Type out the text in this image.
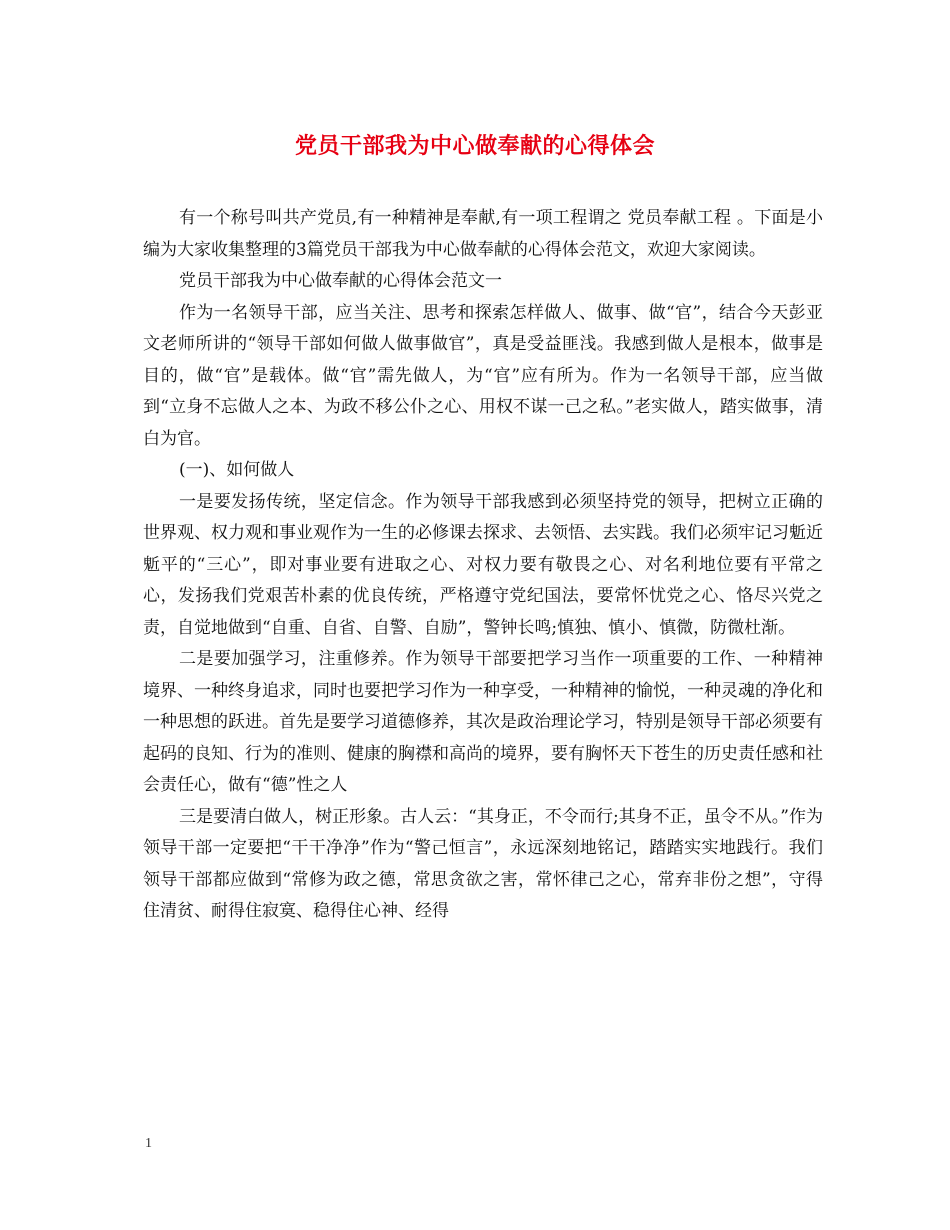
党员干部我为中心做奉献的心得体会

有一个称号叫共产党员,有一种精神是奉献,有一项工程谓之 党员奉献工程 。下面是小编为大家收集整理的3篇党员干部我为中心做奉献的心得体会范文，欢迎大家阅读。

党员干部我为中心做奉献的心得体会范文一

作为一名领导干部，应当关注、思考和探索怎样做人、做事、做“官”，结合今天彭亚文老师所讲的“领导干部如何做人做事做官”，真是受益匪浅。我感到做人是根本，做事是目的，做“官”是载体。做“官”需先做人，为“官”应有所为。作为一名领导干部，应当做到“立身不忘做人之本、为政不移公仆之心、用权不谋一己之私。”老实做人，踏实做事，清白为官。

(一)、如何做人

一是要发扬传统，坚定信念。作为领导干部我感到必须坚持党的领导，把树立正确的世界观、权力观和事业观作为一生的必修课去探求、去领悟、去实践。我们必须牢记习鬿近鬿平的“三心”，即对事业要有进取之心、对权力要有敬畏之心、对名利地位要有平常之心，发扬我们党艰苦朴素的优良传统，严格遵守党纪国法，要常怀忧党之心、恪尽兴党之责，自觉地做到“自重、自省、自警、自励”，警钟长鸣;慎独、慎小、慎微，防微杜渐。

二是要加强学习，注重修养。作为领导干部要把学习当作一项重要的工作、一种精神境界、一种终身追求，同时也要把学习作为一种享受，一种精神的愉悦，一种灵魂的净化和一种思想的跃进。首先是要学习道德修养，其次是政治理论学习，特别是领导干部必须要有起码的良知、行为的准则、健康的胸襟和高尚的境界，要有胸怀天下苍生的历史责任感和社会责任心，做有“德”性之人

三是要清白做人，树正形象。古人云：“其身正，不令而行;其身不正，虽令不从。”作为领导干部一定要把“干干净净”作为“警己恒言”，永远深刻地铭记，踏踏实实地践行。我们领导干部都应做到“常修为政之德，常思贪欲之害，常怀律己之心，常弃非份之想”，守得住清贫、耐得住寂寞、稳得住心神、经得

1
